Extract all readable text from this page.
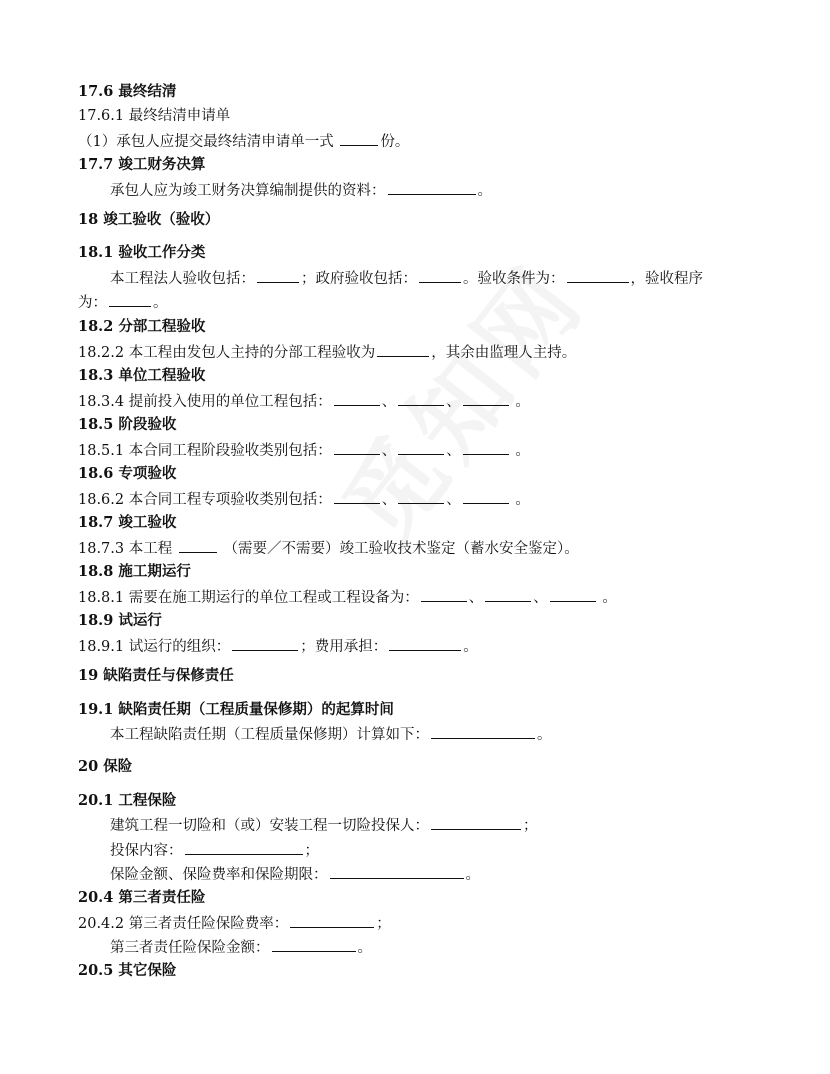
17.6 最终结清
17.6.1 最终结清申请单
（1）承包人应提交最终结清申请单一式	份。
17.7 竣工财务决算
承包人应为竣工财务决算编制提供的资料：	。
18 竣工验收（验收）
18.1 验收工作分类
本工程法人验收包括：	；政府验收包括：	。验收条件为：	，验收程序
为：	。
18.2 分部工程验收
18.2.2 本工程由发包人主持的分部工程验收为	，其余由监理人主持。
18.3 单位工程验收
18.3.4 提前投入使用的单位工程包括：	、	、	。
18.5 阶段验收
18.5.1 本合同工程阶段验收类别包括：	、	、	。
18.6 专项验收
18.6.2 本合同工程专项验收类别包括：	、	、	。
18.7 竣工验收
18.7.3 本工程	（需要／不需要）竣工验收技术鉴定（蓄水安全鉴定）。
18.8 施工期运行
18.8.1 需要在施工期运行的单位工程或工程设备为：	、	、	。
18.9 试运行
18.9.1 试运行的组织：	；费用承担：	。
19 缺陷责任与保修责任
19.1 缺陷责任期（工程质量保修期）的起算时间
本工程缺陷责任期（工程质量保修期）计算如下：	。
20 保险
20.1 工程保险
建筑工程一切险和（或）安装工程一切险投保人：	；
投保内容：	；
保险金额、保险费率和保险期限：	。
20.4 第三者责任险
20.4.2 第三者责任险保险费率：	；
第三者责任险保险金额：	。
20.5 其它保险
